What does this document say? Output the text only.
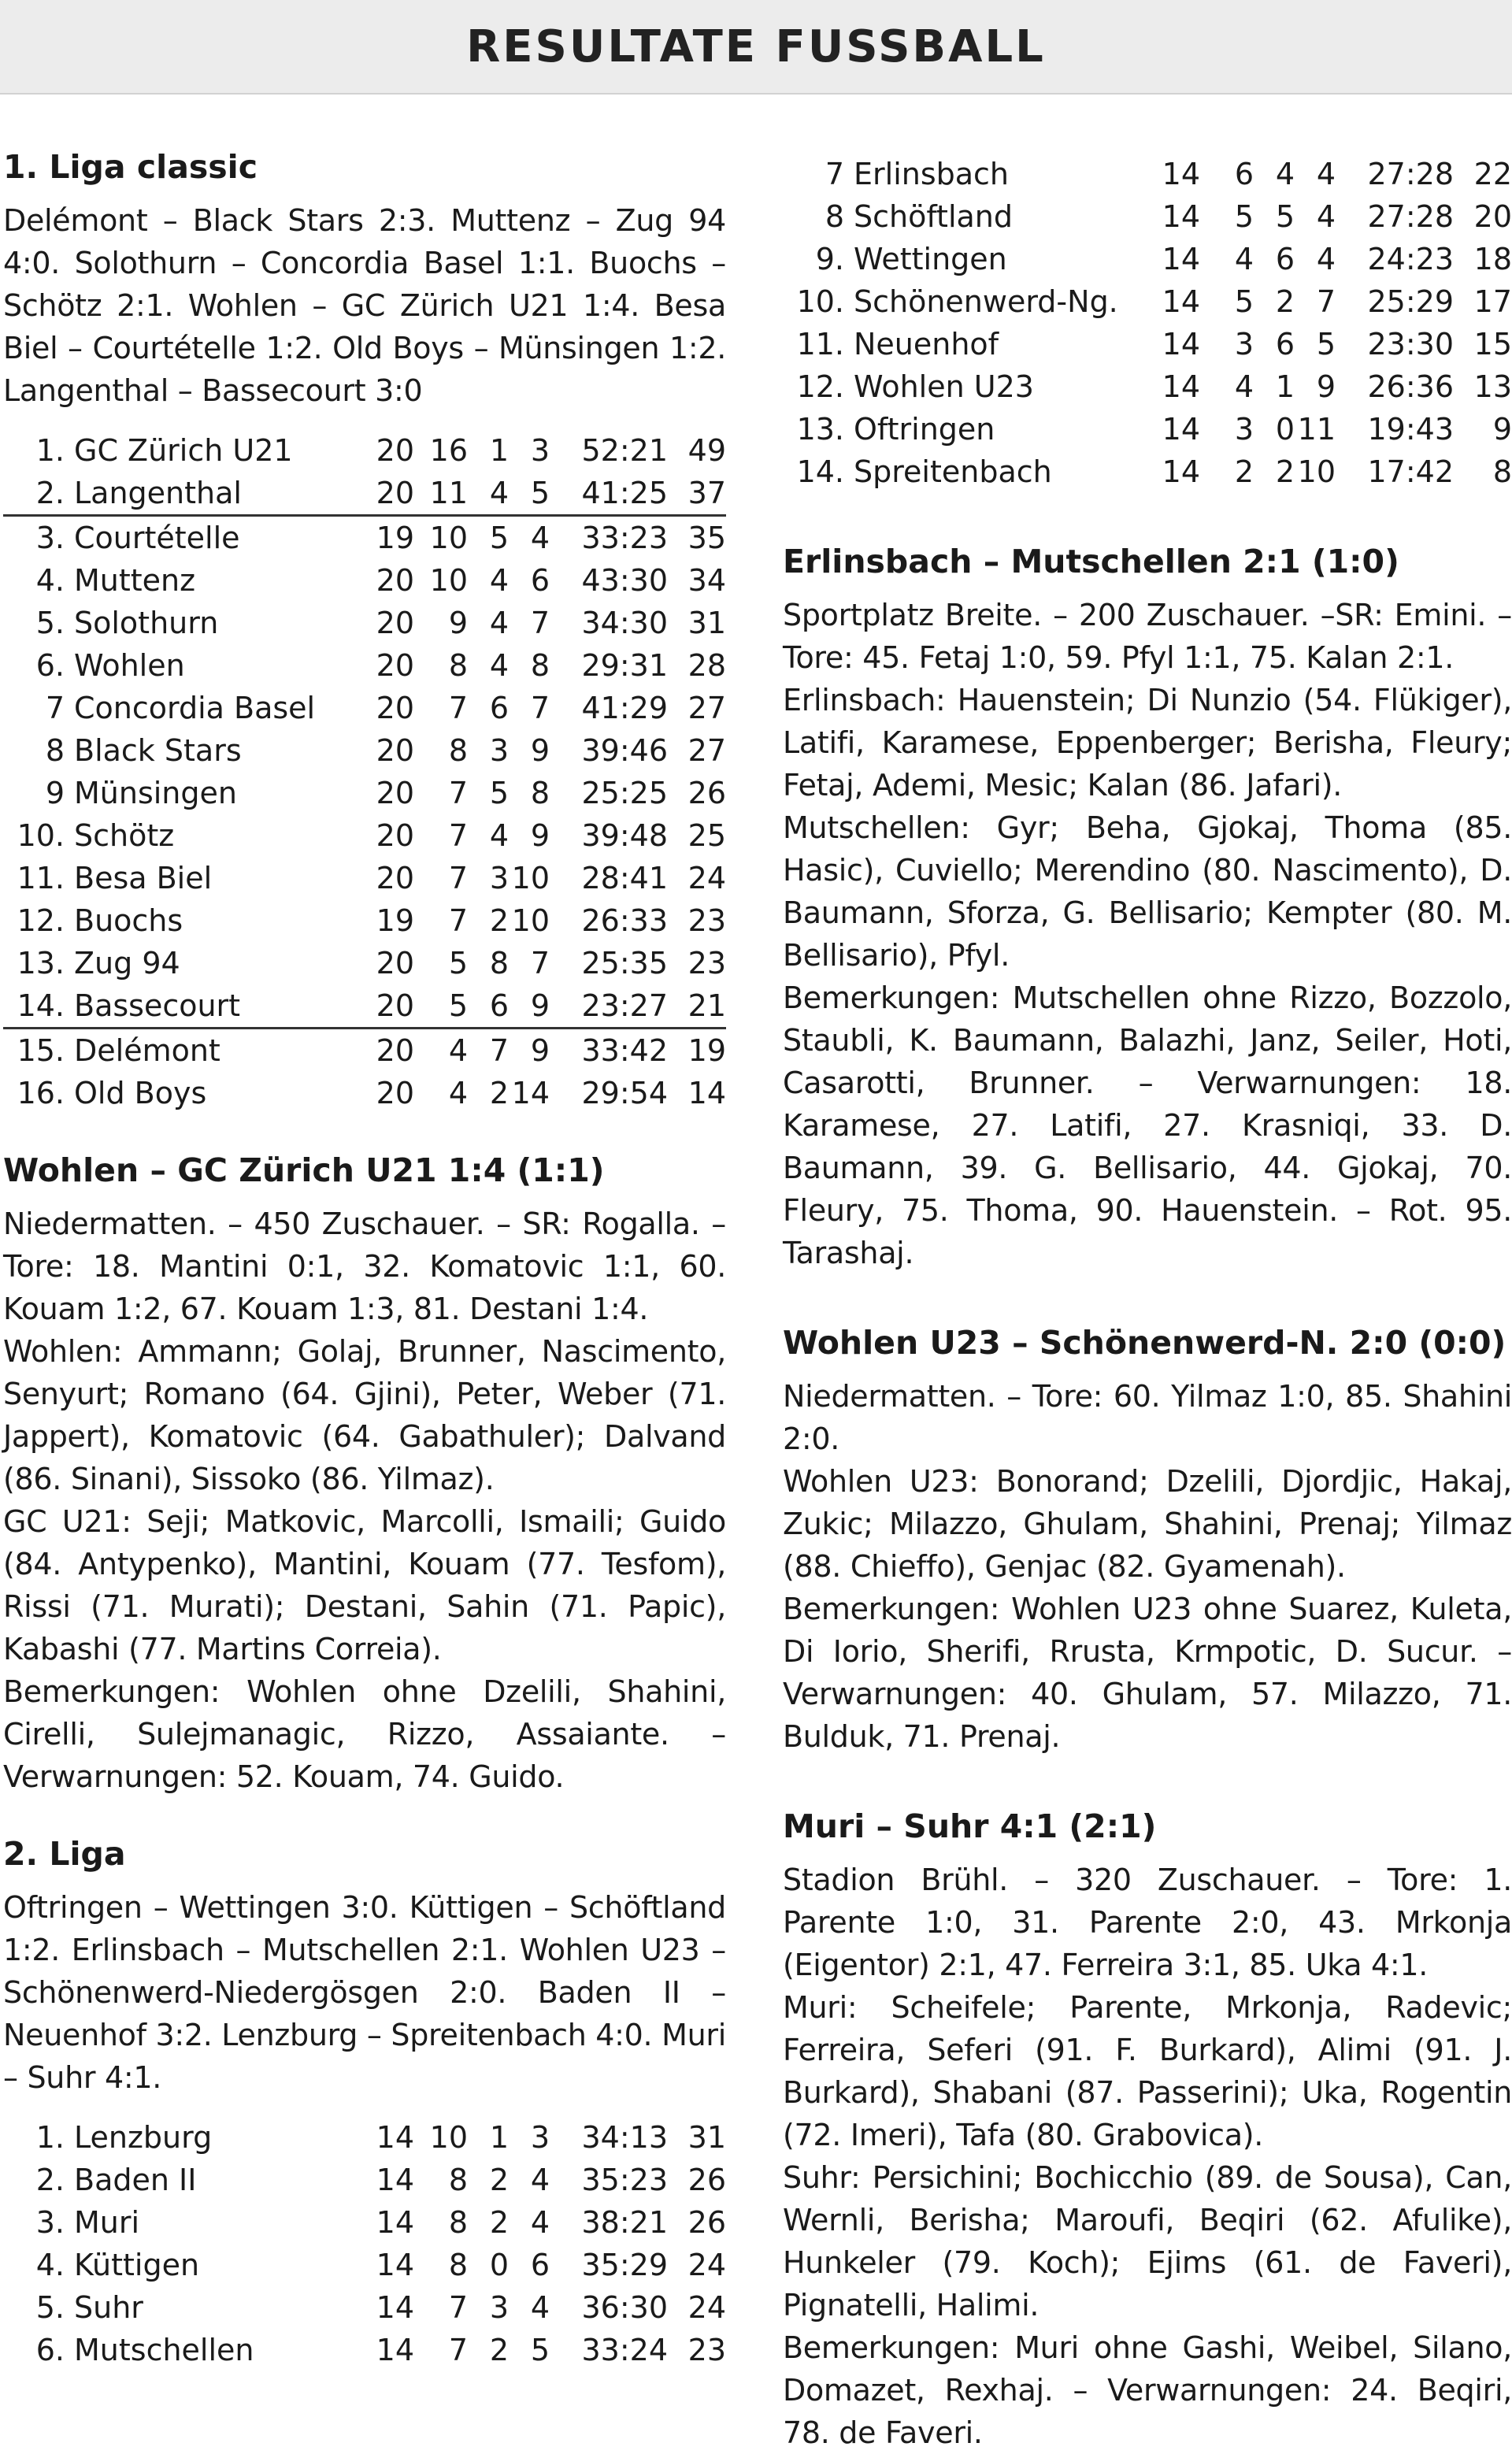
RESULTATE FUSSBALL
1. Liga classic

Delémont – Black Stars 2:3. Muttenz – Zug 94 4:0. Solothurn – Concordia Basel 1:1. Buochs – Schötz 2:1. Wohlen – GC Zürich U21 1:4. Besa Biel – Courtételle 1:2. Old Boys – Münsingen 1:2. Langenthal – Bassecourt 3:0

1.	GC Zürich U21	20	16	1	3	52:21	49
2.	Langenthal	20	11	4	5	41:25	37
3.	Courtételle	19	10	5	4	33:23	35
4.	Muttenz	20	10	4	6	43:30	34
5.	Solothurn	20	9	4	7	34:30	31
6.	Wohlen	20	8	4	8	29:31	28
7	Concordia Basel	20	7	6	7	41:29	27
8	Black Stars	20	8	3	9	39:46	27
9	Münsingen	20	7	5	8	25:25	26
10.	Schötz	20	7	4	9	39:48	25
11.	Besa Biel	20	7	3	10	28:41	24
12.	Buochs	19	7	2	10	26:33	23
13.	Zug 94	20	5	8	7	25:35	23
14.	Bassecourt	20	5	6	9	23:27	21
15.	Delémont	20	4	7	9	33:42	19
16.	Old Boys	20	4	2	14	29:54	14
Wohlen – GC Zürich U21 1:4 (1:1)

Niedermatten. – 450 Zuschauer. – SR: Rogalla. – Tore: 18. Mantini 0:1, 32. Komatovic 1:1, 60. Kouam 1:2, 67. Kouam 1:3, 81. Destani 1:4.

Wohlen: Ammann; Golaj, Brunner, Nascimento, Senyurt; Romano (64. Gjini), Peter, Weber (71. Jappert), Komatovic (64. Gabathuler); Dalvand (86. Sinani), Sissoko (86. Yilmaz).

GC U21: Seji; Matkovic, Marcolli, Ismaili; Guido (84. Antypenko), Mantini, Kouam (77. Tesfom), Rissi (71. Murati); Destani, Sahin (71. Papic), Kabashi (77. Martins Correia).

Bemerkungen: Wohlen ohne Dzelili, Shahini, Cirelli, Sulejmanagic, Rizzo, Assaiante. – Verwarnungen: 52. Kouam, 74. Guido.

2. Liga

Oftringen – Wettingen 3:0. Küttigen – Schöftland 1:2. Erlinsbach – Mutschellen 2:1. Wohlen U23 – Schönenwerd-Niedergösgen 2:0. Baden II – Neuenhof 3:2. Lenzburg – Spreitenbach 4:0. Muri – Suhr 4:1.

1.	Lenzburg	14	10	1	3	34:13	31
2.	Baden II	14	8	2	4	35:23	26
3.	Muri	14	8	2	4	38:21	26
4.	Küttigen	14	8	0	6	35:29	24
5.	Suhr	14	7	3	4	36:30	24
6.	Mutschellen	14	7	2	5	33:24	23
7	Erlinsbach	14	6	4	4	27:28	22
8	Schöftland	14	5	5	4	27:28	20
9.	Wettingen	14	4	6	4	24:23	18
10.	Schönenwerd-Ng.	14	5	2	7	25:29	17
11.	Neuenhof	14	3	6	5	23:30	15
12.	Wohlen U23	14	4	1	9	26:36	13
13.	Oftringen	14	3	0	11	19:43	9
14.	Spreitenbach	14	2	2	10	17:42	8
Erlinsbach – Mutschellen 2:1 (1:0)

Sportplatz Breite. – 200 Zuschauer. –SR: Emini. – Tore: 45. Fetaj 1:0, 59. Pfyl 1:1, 75. Kalan 2:1.

Erlinsbach: Hauenstein; Di Nunzio (54. Flükiger), Latifi, Karamese, Eppenberger; Berisha, Fleury; Fetaj, Ademi, Mesic; Kalan (86. Jafari).

Mutschellen: Gyr; Beha, Gjokaj, Thoma (85. Hasic), Cuviello; Merendino (80. Nascimento), D. Baumann, Sforza, G. Bellisario; Kempter (80. M. Bellisario), Pfyl.

Bemerkungen: Mutschellen ohne Rizzo, Bozzolo, Staubli, K. Baumann, Balazhi, Janz, Seiler, Hoti, Casarotti, Brunner. – Verwarnungen: 18. Karamese, 27. Latifi, 27. Krasniqi, 33. D. Baumann, 39. G. Bellisario, 44. Gjokaj, 70. Fleury, 75. Thoma, 90. Hauenstein. – Rot. 95. Tarashaj.

Wohlen U23 – Schönenwerd-N. 2:0 (0:0)

Niedermatten. – Tore: 60. Yilmaz 1:0, 85. Shahini 2:0.

Wohlen U23: Bonorand; Dzelili, Djordjic, Hakaj, Zukic; Milazzo, Ghulam, Shahini, Prenaj; Yilmaz (88. Chieffo), Genjac (82. Gyamenah).

Bemerkungen: Wohlen U23 ohne Suarez, Kuleta, Di Iorio, Sherifi, Rrusta, Krmpotic, D. Sucur. – Verwarnungen: 40. Ghulam, 57. Milazzo, 71. Bulduk, 71. Prenaj.

Muri – Suhr 4:1 (2:1)

Stadion Brühl. – 320 Zuschauer. – Tore: 1. Parente 1:0, 31. Parente 2:0, 43. Mrkonja (Eigentor) 2:1, 47. Ferreira 3:1, 85. Uka 4:1.

Muri: Scheifele; Parente, Mrkonja, Radevic; Ferreira, Seferi (91. F. Burkard), Alimi (91. J. Burkard), Shabani (87. Passerini); Uka, Rogentin (72. Imeri), Tafa (80. Grabovica).

Suhr: Persichini; Bochicchio (89. de Sousa), Can, Wernli, Berisha; Maroufi, Beqiri (62. Afulike), Hunkeler (79. Koch); Ejims (61. de Faveri), Pignatelli, Halimi.

Bemerkungen: Muri ohne Gashi, Weibel, Silano, Domazet, Rexhaj. – Verwarnungen: 24. Beqiri, 78. de Faveri.
